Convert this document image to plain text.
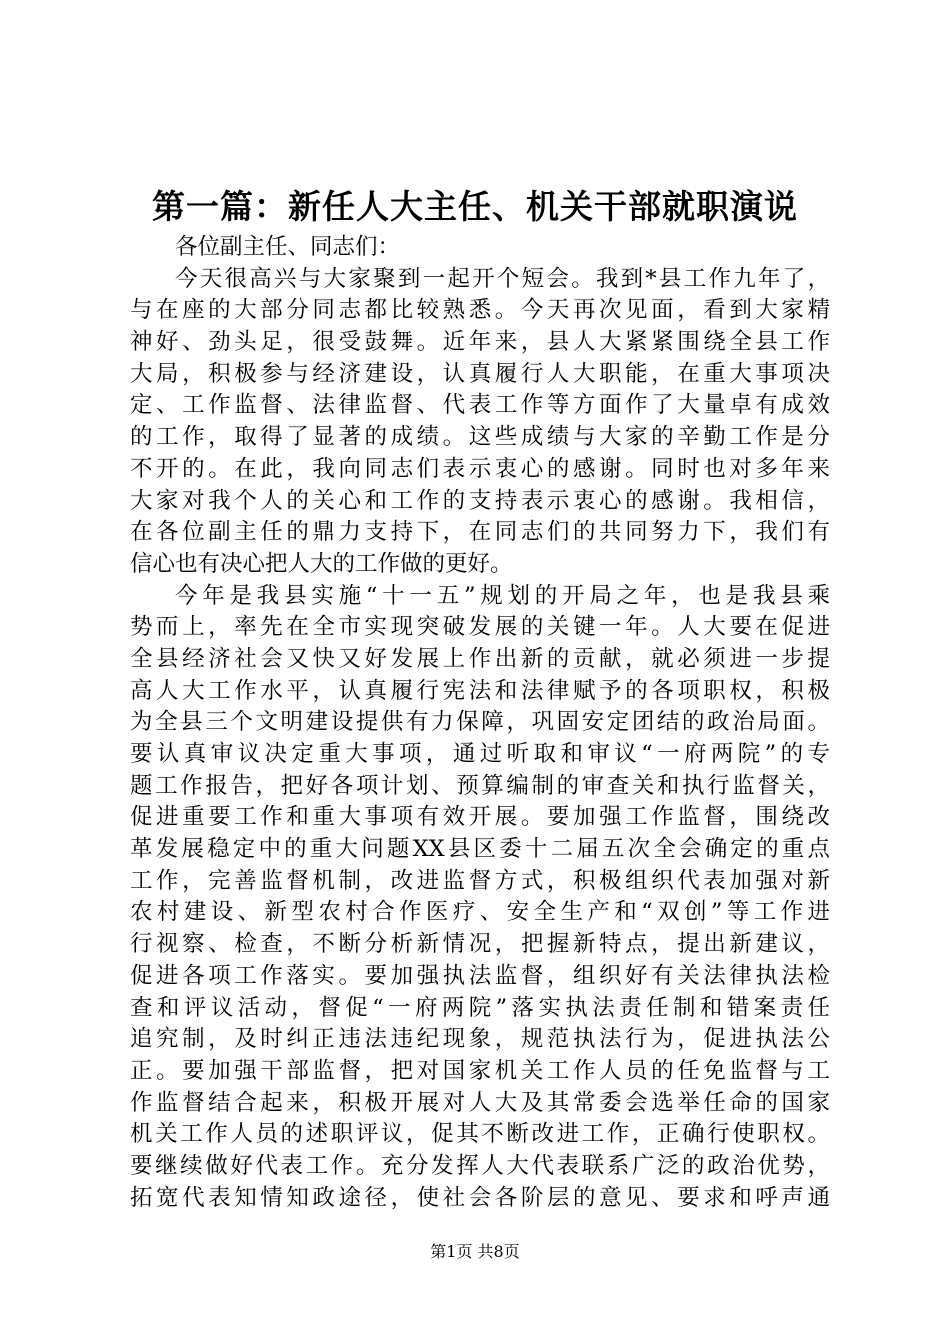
第一篇：新任人大主任、机关干部就职演说
各位副主任、同志们：
今天很高兴与大家聚到一起开个短会。我到*县工作九年了，
与在座的大部分同志都比较熟悉。今天再次见面，看到大家精
神好、劲头足，很受鼓舞。近年来，县人大紧紧围绕全县工作
大局，积极参与经济建设，认真履行人大职能，在重大事项决
定、工作监督、法律监督、代表工作等方面作了大量卓有成效
的工作，取得了显著的成绩。这些成绩与大家的辛勤工作是分
不开的。在此，我向同志们表示衷心的感谢。同时也对多年来
大家对我个人的关心和工作的支持表示衷心的感谢。我相信，
在各位副主任的鼎力支持下，在同志们的共同努力下，我们有
信心也有决心把人大的工作做的更好。
今年是我县实施“十一五”规划的开局之年，也是我县乘
势而上，率先在全市实现突破发展的关键一年。人大要在促进
全县经济社会又快又好发展上作出新的贡献，就必须进一步提
高人大工作水平，认真履行宪法和法律赋予的各项职权，积极
为全县三个文明建设提供有力保障，巩固安定团结的政治局面。
要认真审议决定重大事项，通过听取和审议“一府两院”的专
题工作报告，把好各项计划、预算编制的审查关和执行监督关，
促进重要工作和重大事项有效开展。要加强工作监督，围绕改
革发展稳定中的重大问题XX县区委十二届五次全会确定的重点
工作，完善监督机制，改进监督方式，积极组织代表加强对新
农村建设、新型农村合作医疗、安全生产和“双创”等工作进
行视察、检查，不断分析新情况，把握新特点，提出新建议，
促进各项工作落实。要加强执法监督，组织好有关法律执法检
查和评议活动，督促“一府两院”落实执法责任制和错案责任
追究制，及时纠正违法违纪现象，规范执法行为，促进执法公
正。要加强干部监督，把对国家机关工作人员的任免监督与工
作监督结合起来，积极开展对人大及其常委会选举任命的国家
机关工作人员的述职评议，促其不断改进工作，正确行使职权。
要继续做好代表工作。充分发挥人大代表联系广泛的政治优势，
拓宽代表知情知政途径，使社会各阶层的意见、要求和呼声通
第1页 共8页
